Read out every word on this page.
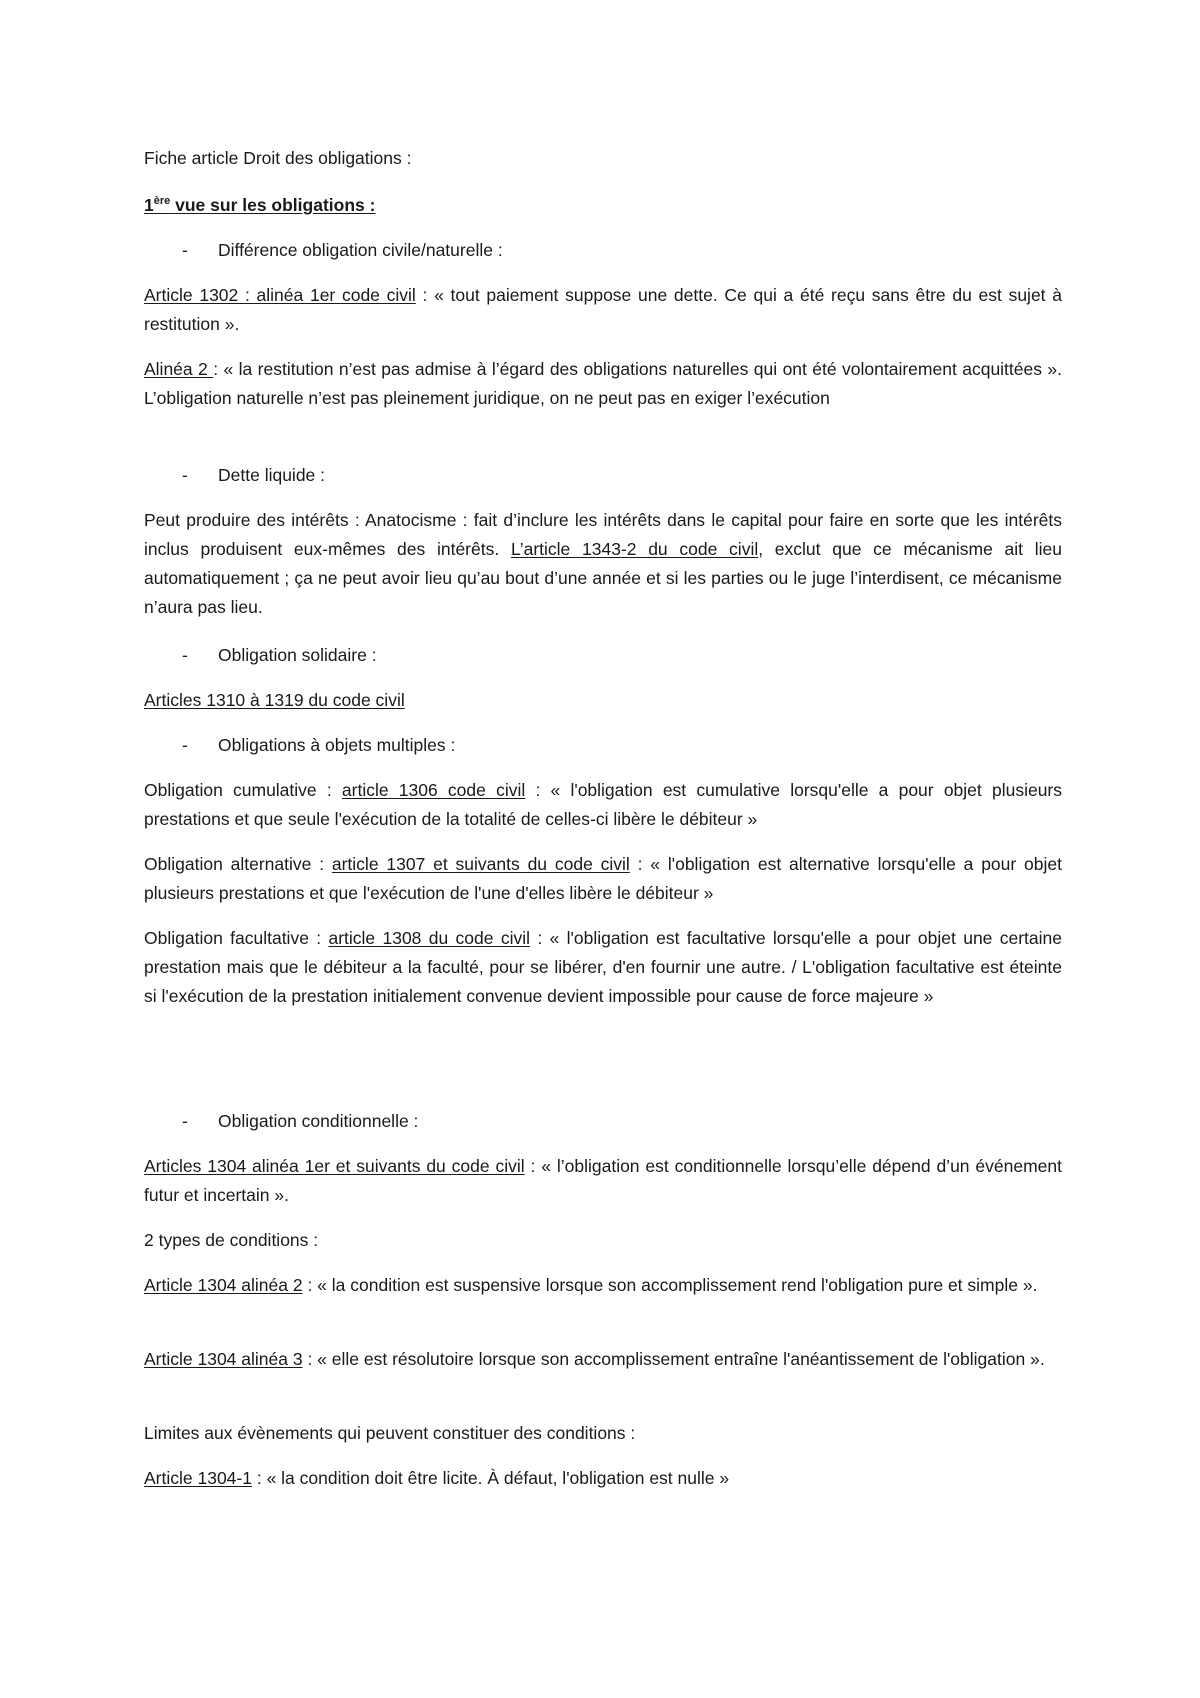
Fiche article Droit des obligations :

1ère vue sur les obligations :

- Différence obligation civile/naturelle :

Article 1302 : alinéa 1er code civil : « tout paiement suppose une dette. Ce qui a été reçu sans être du est sujet à restitution ».

Alinéa 2 : « la restitution n’est pas admise à l’égard des obligations naturelles qui ont été volontairement acquittées ». L’obligation naturelle n’est pas pleinement juridique, on ne peut pas en exiger l’exécution

- Dette liquide :

Peut produire des intérêts : Anatocisme : fait d’inclure les intérêts dans le capital pour faire en sorte que les intérêts inclus produisent eux-mêmes des intérêts. L’article 1343-2 du code civil, exclut que ce mécanisme ait lieu automatiquement ; ça ne peut avoir lieu qu’au bout d’une année et si les parties ou le juge l’interdisent, ce mécanisme n’aura pas lieu.

- Obligation solidaire :

Articles 1310 à 1319 du code civil

- Obligations à objets multiples :

Obligation cumulative : article 1306 code civil : « l'obligation est cumulative lorsqu'elle a pour objet plusieurs prestations et que seule l'exécution de la totalité de celles-ci libère le débiteur »

Obligation alternative : article 1307 et suivants du code civil : « l'obligation est alternative lorsqu'elle a pour objet plusieurs prestations et que l'exécution de l'une d'elles libère le débiteur »

Obligation facultative : article 1308 du code civil : « l'obligation est facultative lorsqu'elle a pour objet une certaine prestation mais que le débiteur a la faculté, pour se libérer, d'en fournir une autre. / L'obligation facultative est éteinte si l'exécution de la prestation initialement convenue devient impossible pour cause de force majeure »

- Obligation conditionnelle :

Articles 1304 alinéa 1er et suivants du code civil : « l’obligation est conditionnelle lorsqu’elle dépend d’un événement futur et incertain ».

2 types de conditions :

Article 1304 alinéa 2 : « la condition est suspensive lorsque son accomplissement rend l'obligation pure et simple ».

Article 1304 alinéa 3 : « elle est résolutoire lorsque son accomplissement entraîne l'anéantissement de l'obligation ».

Limites aux évènements qui peuvent constituer des conditions :

Article 1304-1 : « la condition doit être licite. À défaut, l'obligation est nulle »
